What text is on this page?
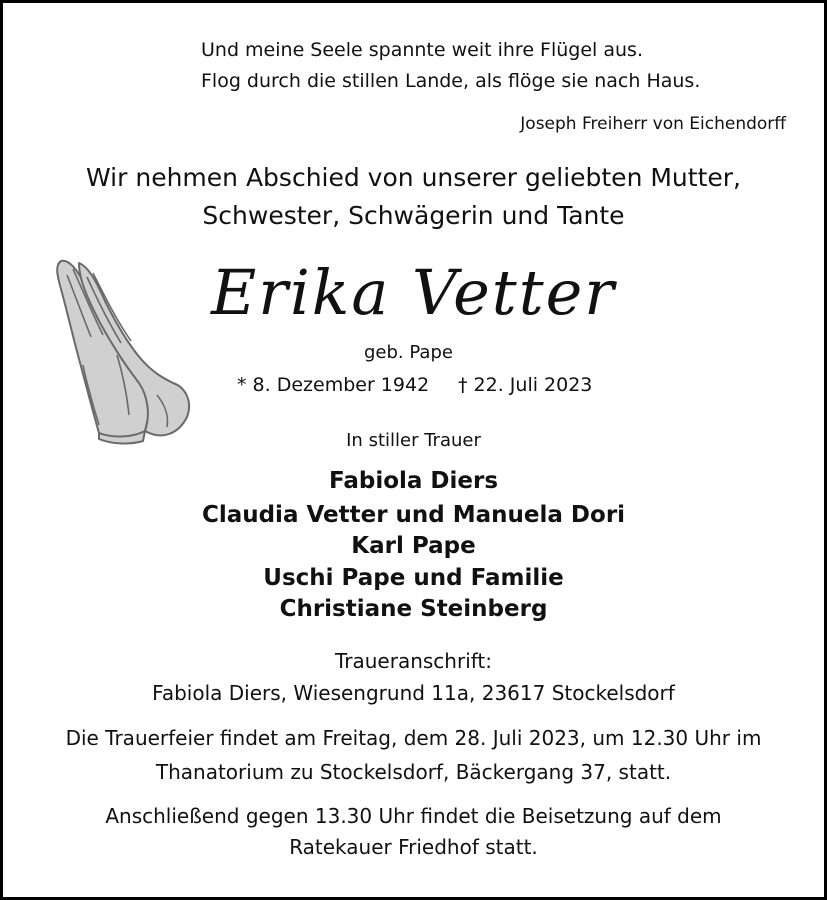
Und meine Seele spannte weit ihre Flügel aus.
Flog durch die stillen Lande, als flöge sie nach Haus.
Joseph Freiherr von Eichendorff
Wir nehmen Abschied von unserer geliebten Mutter,
Schwester, Schwägerin und Tante
Erika Vetter
geb. Pape
* 8. Dezember 1942 † 22. Juli 2023
In stiller Trauer
Fabiola Diers
Claudia Vetter und Manuela Dori
Karl Pape
Uschi Pape und Familie
Christiane Steinberg
Traueranschrift:
Fabiola Diers, Wiesengrund 11a, 23617 Stockelsdorf
Die Trauerfeier findet am Freitag, dem 28. Juli 2023, um 12.30 Uhr im
Thanatorium zu Stockelsdorf, Bäckergang 37, statt.
Anschließend gegen 13.30 Uhr findet die Beisetzung auf dem
Ratekauer Friedhof statt.
